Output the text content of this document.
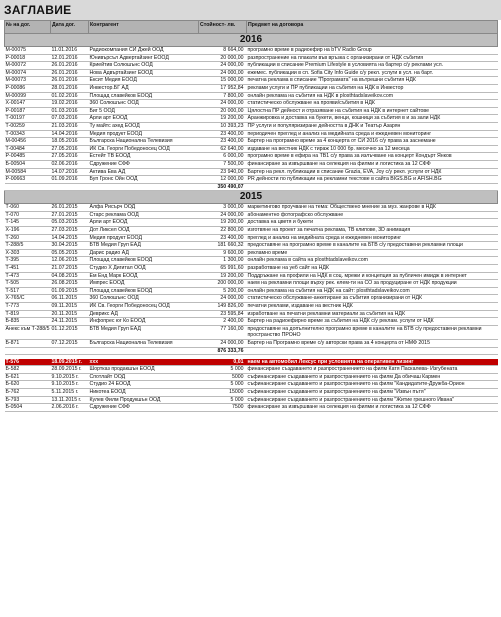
ЗАГЛАВИЕ
№ на дог.	Дата дог.	Контрагент	Стойност- лв.	Предмет на договора
2016				
М-00075	11.01.2016	Радиокомпания СИ Джей ООД	8 664,00	програмно време в радиоефир на bTV Radio Group
Р-00018	12.01.2016	Юнивърсъл Адвертайзинг ЕООД	20 000,00	разпространение на плакати във връзка с организирани от НДК събития
М-00072	26.01.2016	Криейтив Солюшънс ООД	24 000,00	публикации в списание Premium Lifestyle в условията на бартер с/у реклами усл.
М-00074	26.01.2016	Нова Адвъртайзинг ЕООД	24 000,00	ежемес. публикации в сп. Sofia City Info Guide с/у рекл. услуги в усл. на барт.
М-00073	26.01.2016	Ексит Медия ЕООД	15 000,00	печатна реклама в списание "Програмата" на вътрешни събития НДК
Р-00086	28.01.2016	Инвестор.БГ АД	17 952,84	реклами услуги и ПР публикации на събития на НДК в Инвестор
М-00099	01.02.2016	Площад славейков ЕООД	7 800,00	онлайн реклама на събития на НДК в plosthtadslaveikov.com
Х-00147	19.02.2016	360 Солюшънс ООД	24 000,00	статистическо обслужване на прояви/събития в НДК
Р-00187	01.03.2016	Биг 5 ООД	20 000,00	Цялостна ПР дейност и отразяване на събития на НДК в интернет сайтове
Т-00197	07.03.2016	Арли арт ЕООД	19 200,00	Аранжировка и доставка на букети, венци, кошници за събития в и за зали НДК
Т-00259	21.03.2016	Ту майтс ахед ЕООД	10 393,23	ПР услуги и популяризиране дейността в ДНК и Театър Азарян
Т-00343	14.04.2016	Медия продукт ЕООД	23 400,00	периодичен преглед и анализ на медийната среда и ежедневен мониторинг
М-00456	18.05.2016	Българска Национална Телевизия	23 400,00	Бартер на програмно време за 4 концерта от СИ 2016 с/у права за заснемане
Т-00484	27.05.2016	ИК Св. Георги Победоносец ООД	62 640,00	издаване на вестник НДК с тираж 10 000 бр. месечно за 12 месеца
Р-00485	27.05.2016	Естейт ТВ ЕООД	6 000,00	програмно време в ефира на ТВ1 с/у права за излъчване на концерт Кондърт Янков
Б-00504	02.06.2016	Сдружение СФФ	7 500,00	финансиране за извършване на селекция на филми и логистика за 12 СФФ
М-00584	14.07.2016	Актива Ева АД	23 940,00	Бартер на рекл. публикации в списание Grazia, EVA, Joy с/у рекл. услуги от НДК
Р-00663	01.09.2016	Буп Гронс Ойн ООД	12 000,00	PR дейности по публикации на рекламни текстове в сайта BIGS.BG и AFISH.BG
			350 490,07	
2015				
Т-060	26.01.2015	Алфа Рисърч ООД	3 000,00	маркетингово проучване на тема: Обществено мнение за муз. жанрове в НДК
Т-070	27.01.2015	Старс реклама ООД	24 000,00	абонаментно фотографско обслужване
Т-145	05.03.2015	Арли арт ЕООД	19 200,00	доставка на цветя и букети
Х-196	27.03.2015	Дот Ликсел ООД	22 800,00	изготвяне на проект за печатна реклама, ТВ клипове, 3D анимация
Т-260	14.04.2015	Медия продукт ЕООД	23 400,00	преглед и анализ на медийната среда и ежедневен мониторинг
Т-288/5	30.04.2015	БТВ Медия Груп ЕАД	181 660,32	предоставяне на програмно време в каналите на БТВ с/у предоставени рекламни площи
Х-303	05.05.2015	Дарис радио АД	9 600,00	рекламно време
Т-395	12.06.2015	Площад славейков ЕООД	1 300,00	онлайн реклама в сайта на plosthtadslaveikov.com
Т-451	21.07.2015	Студио Х Дигитал ООД	65 991,60	разработване на уеб сайт на НДК
Т-473	04.08.2015	Ем Енд Марк ЕООД	19 200,00	Поддръжане на профили на НДК в соц. мрежи и концепция за публичен имидж в интернет
Т-505	26.08.2015	Импрес ЕООД	200 000,00	наем на рекламни площи върху рек. елем-ти на СО за продуциране от НДК продукции
Т-517	01.09.2015	Площад славейков ЕООД	5 200,00	онлайн реклама на събития на НДК на сайт: plosthtadslaveikov.com
Х-765/С	06.11.2015	360 Солюшънс ООД	24 000,00	статистическо обслужване-анкетиране за събития организирани от НДК
Т-773	09.11.2015	ИК Св. Георги Победоносец ООД	149 826,00	печатни реклами, издаване на вестник НДК
Т-819	20.11.2015	Деврикс АД	23 595,84	изработване на печатни рекламни материали за събития на НДК
Б-835	24.11.2015	Инфопрес юг Ко ЕООД	2 400,00	Бартер на радиоефирно време за събития на НДК с/у реклам. услуги от НДК
Анекс към Т-288/5	01.12.2015	БТВ Медия Груп ЕАД	77 160,00	предоставяне на допълнително програмно време в каналите на БТВ с/у предоставени рекламни пространство ПРОНО
Б-871	07.12.2015	Българска Национална Телевизия	24 000,00	Бартер на Програмно време с/у авторски права за 4 концерта от НМФ 2015
			876 333,76	

Т-576	18.09.2015 г.	ххх	0,01	наем на автомобил Лексус при условията на оперативен лизинг
Б-582	28.09.2015 г.	Шортказ продакшън ЕООД	5 000	финансиране създаването и разпространението на филм Катя Паскалева- Изгубената
Б-621	9.10.2015 г.	Спотлайт ООД	5000	съфинансиране създаването и разпространението на филм Да обичаш Кармен
Б-620	9.10.2015 г.	Студио 24 ЕООД	5 000	съфинансиране създаването и разпространението на филм "Кандидатите-Дружба-Орион
Б-762	5.11.2015 г.	Никотеа ЕООД	15000	съфинансиране създаването и разпространението на филм "Извън пътя"
Б-793	13.11.2015 г.	Кулев Филм Продукшън ООД	5 000	съфинансиране създаването и разпространението на филм "Житие грешного Ивана"
Б-0504	2.06.2016 г.	Сдружение СФФ	7500	финансиране за извършване на селекция на филми и логистика за 12 СФФ
